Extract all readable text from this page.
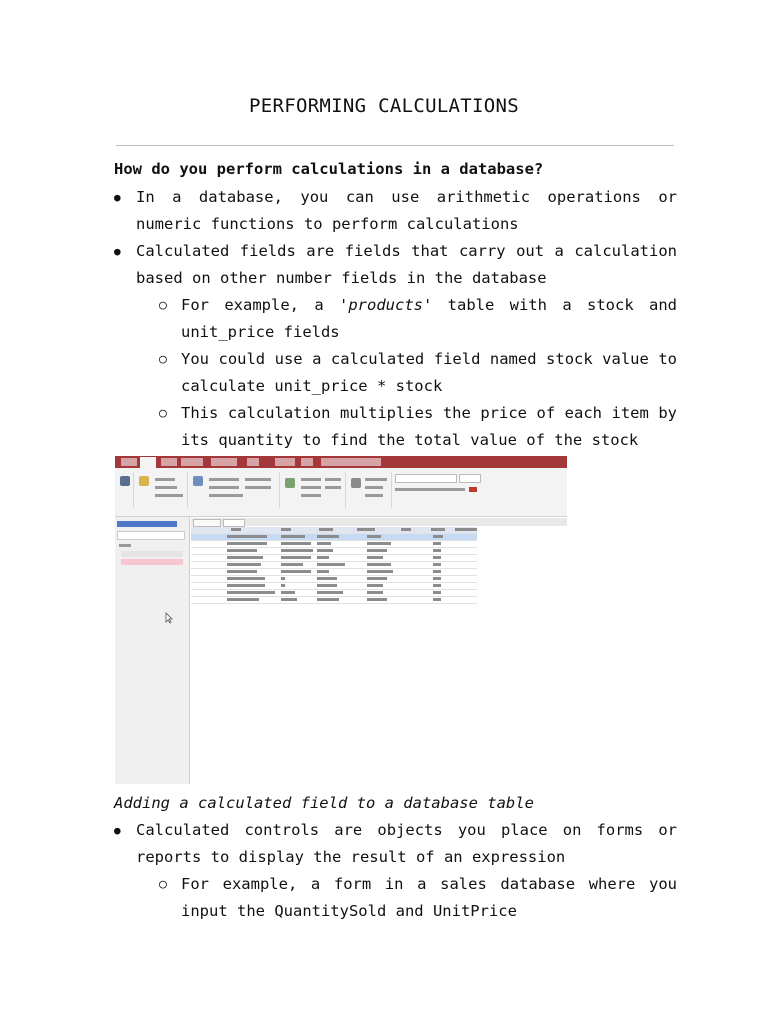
PERFORMING CALCULATIONS
How do you perform calculations in a database?
● In a database, you can use arithmetic operations or numeric functions to perform calculations
● Calculated fields are fields that carry out a calculation based on other number fields in the database
○ For example, a 'products' table with a stock and unit_price fields
○ You could use a calculated field named stock value to calculate unit_price * stock
○ This calculation multiplies the price of each item by its quantity to find the total value of the stock
Adding a calculated field to a database table
● Calculated controls are objects you place on forms or reports to display the result of an expression
○ For example, a form in a sales database where you input the QuantitySold and UnitPrice
